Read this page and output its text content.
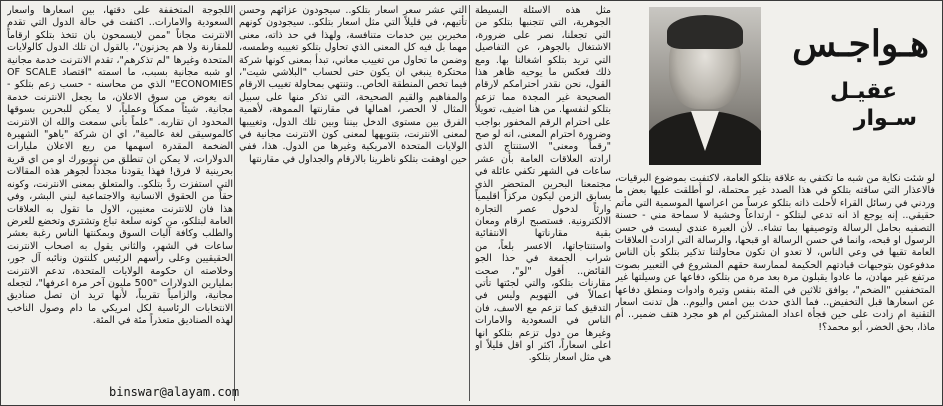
اللجوجة المتخففة على دقتها، بين اسعارها واسعار السعودية والامارات.. اكتفت في حالة الدول التي تقدم الانترنت مجاناً "ممن لايسمحون بان تتخذ بتلكو ارقاماً للمقارنة ولا هم يحزنون"، بالقول ان تلك الدول كالولايات المتحدة وغيرها "لم تذكرهم"، تقدم الانترنت خدمة مجانية او شبه مجانية بسبب، ما اسمته "اقتصاد OF SCALE ECONOMIES" الذي من محاسنه - حسب زعم بتلكو - انه يعوض من سوق الاعلان، ما يجعل الانترنت خدمة مجانية. شيئاً ممكناً وعملياً، لا يمكن للبحرين بسوقها المحدود ان تقاربه. "علماً بأني سمعت والله ان الانترنت كالموسيقى لغة عالمية"، اي ان شركة "ياهو" الشهيرة الضخمة المقدرة اسهمها من ريع الاعلان مليارات الدولارات، لا يمكن ان تنطلق من نيويورك او من اي قرية بحرينية لا فرق! فهذا يقودنا مجدداً لجوهر هذه المقالات التي استفزت ردَّ بتلكو.. والمتعلق بمعنى الانترنت، وكونه حقاً من الحقوق الانسانية والاجتماعية لبني البشر، وفي هذا فان للانترنت معنيين، الاول ما تقول به العلاقات العامة لبتلكو، من كونه سلعة تباع وتشتري وتخضع للعرض والطلب وكافة آليات السوق وبمكنتها الناس رغبة بعشر ساعات في الشهر، والثاني يقول به اصحاب الانترنت الحقيقيين وعلى رأسهم الرئيس كلنتون ونائبه آل جور، وخلاصته ان حكومة الولايات المتحدة، تدعم الانترنت بمليارين الدولارات "500 مليون آخر مرة اعرفها"، لتجعله مجانية، والزامياً تقريباً، لأنها تريد ان تصل صناديق الانتخابات الرئاسية لكل امريكي ما دام وصول الناخب لهذه الصناديق متعذراً مئة في المئة.

التي عشر سعر اسعار بتلكو.. سيجودون عزائهم وحسن تأتيهم، في قليلاً التي مثل اسعار بتلكو.. سيجودون كونهم مخيرين بين خدمات متنافسة، ولهذا في حد ذاته، معنى مهما بل فيه كل المعنى الذي تحاول بتلكو تغييبه وطمسه، وضمن ما تحاول من تغييب معاني، تبدأ بمعنى كونها شركة محتكرة ينبغي ان يكون حتى لحساب "البلاشي شيت"، فيما تخص المنطقة الخاص.. وتنتهي بمحاولة تغييب الارقام والمفاهيم والقيم الصحيحة، التي تذكر منها على سبيل المثال لا الحصر، اهمالها في مقارنتها المموهة، لأهمية الفرق بين مستوى الدخل بيننا وبين تلك الدول، وتغييبها لمعنى الانترنت، بتنويهها لمعنى كون الانترنت مجانية في الولايات المتحدة الامريكية وغيرها من الدول. هذا، ففي حين اوهقت بتلكو ناظرينا بالارقام والجداول في مقارنتها

مثل هذه الاسئلة البسيطة الجوهرية، التي تتجنبها بتلكو من التي تجعلنا، نصر على ضرورة، الاشتغال بالجوهر، عن التفاصيل التي تريد بتلكو اشغالنا بها. ومع ذلك فعكس ما يوحيه ظاهر هذا القول، نحن نقدر احترامكم لارقام الصحيحة غير المجدة مما تزعم بتلكو لنفسها. من هنا اضيف، تعويلاً على احترام الرقم المخفور بواجب وضرورة احترام المعنى، انه لو صح "رقماً ومعنى" الاستنتاج الذي ارادته العلاقات العامة بأن عشر ساعات في الشهر تكفي عائلة في مجتمعنا البحرين المتحضر الذي يسابق الزمن ليكون مركزاً اقليمياً وارثاً لدخول عصر التجارة الالكترونية. فستصبح ارقام ومعان بقية مقارناتها الانتقائية واستنتاجاتها، الاعسر بلعاً، من شراب الجمعة في حذا الجو القائض.. أقول "لو"، صحت مقارنات بتلكو، والتي لجئتها تأتي اعمالاً في التهويم وليس في التدقيق كما تزعم مع الاسف، فان الناس في السعودية والامارات وغيرها من دول تزعم بتلكو انها اعلى اسعاراً، اكثر او اقل قليلاً او هي مثل اسعار بتلكو.

هـواجـس
عقيـل
سـوار

لو شئت نكاية من شبه ما تكتفي به علاقة بتلكو العامة، لاكتفيت بموضوع البرقيات، فالاعذار التي ساقته بتلكو في هذا الصدد غير محتملة، لو أطلقت عليها بعض ما وردني في رسائل القراء لأحلت ذاته بتلكو عرساً من اعراسها الموسمية التي مأتم حقيقي.. إنه يوجع اذ انه تدعي لبتلكو - ارتداعاً وخشية لا سماحة مني - حسنة التصفيه بحامل الرسالة وتوصيفها بما تشاء.. لأن العبرة عندي ليست في حسن الرسول او قبحه، وانما في حسن الرسالة او قبحها، والرسالة التي ارادت العلاقات العامة تقيها في وعي الناس، لا تعدو ان تكون محاولتنا تذكير بتلكو بأن الناس مدفوعون بتوجيهات قيادتهم الحكيمة لممارسة حقهم المشروع في التعبير بصوت مرتفع غير مهادن، ما عادوا يقبلون مرة بعد مرة من بتلكو، دفاعها عن وسيلتها غير المتخففين "الضخم"، يوافق ثلاثين في المئة بنفس وتيرة وادوات ومنطق دفاعها عن اسعارها قبل التخفيض.. فما الذي حدث بين امس واليوم.. هل تدنت اسعار التقنية ام زادت على حين فجأة اعداد المشتركين ام هو مجرد هتف ضمير.. أم ماذا، بحق الخضر، أبو محمد؟!

binswar@alayam.com
